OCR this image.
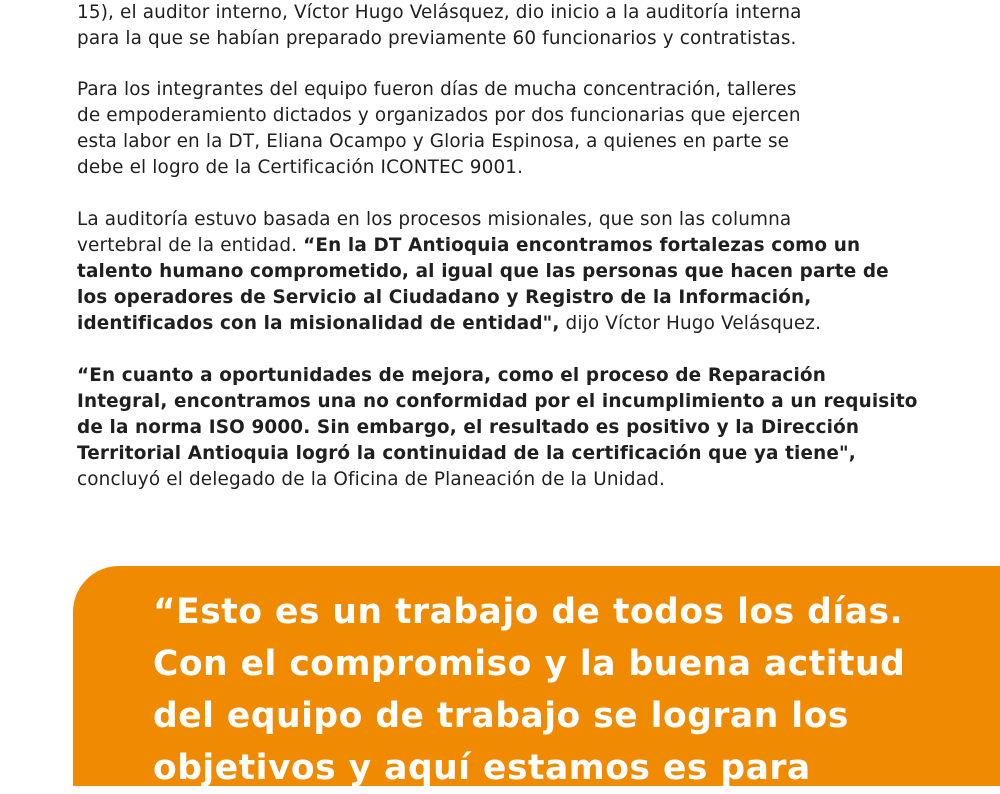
15), el auditor interno, Víctor Hugo Velásquez, dio inicio a la auditoría interna
para la que se habían preparado previamente 60 funcionarios y contratistas.

Para los integrantes del equipo fueron días de mucha concentración, talleres
de empoderamiento dictados y organizados por dos funcionarias que ejercen
esta labor en la DT, Eliana Ocampo y Gloria Espinosa, a quienes en parte se
debe el logro de la Certificación ICONTEC 9001.

La auditoría estuvo basada en los procesos misionales, que son las columna
vertebral de la entidad. “En la DT Antioquia encontramos fortalezas como un
talento humano comprometido, al igual que las personas que hacen parte de
los operadores de Servicio al Ciudadano y Registro de la Información,
identificados con la misionalidad de entidad", dijo Víctor Hugo Velásquez.

“En cuanto a oportunidades de mejora, como el proceso de Reparación
Integral, encontramos una no conformidad por el incumplimiento a un requisito
de la norma ISO 9000. Sin embargo, el resultado es positivo y la Dirección
Territorial Antioquia logró la continuidad de la certificación que ya tiene",
concluyó el delegado de la Oficina de Planeación de la Unidad.

“Esto es un trabajo de todos los días.
Con el compromiso y la buena actitud
del equipo de trabajo se logran los
objetivos y aquí estamos es para
